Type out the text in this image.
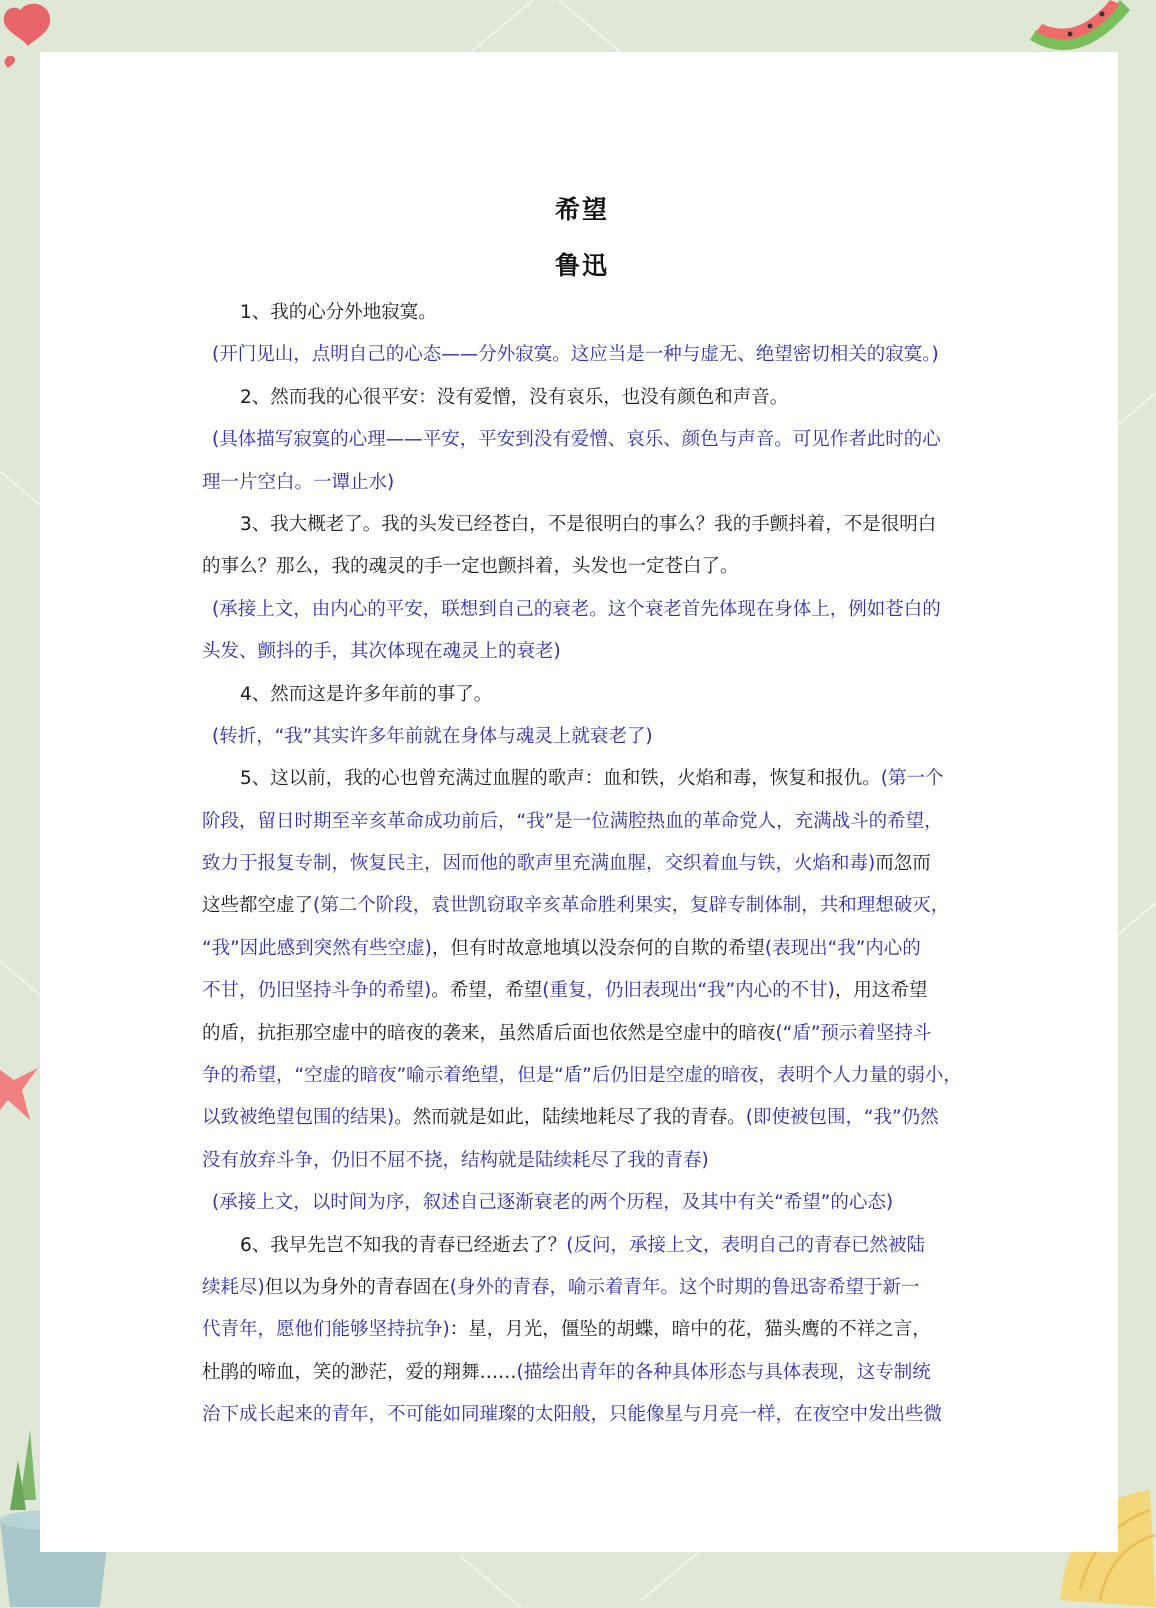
希望
鲁迅
1、我的心分外地寂寞。
(开门见山，点明自己的心态——分外寂寞。这应当是一种与虚无、绝望密切相关的寂寞。)
2、然而我的心很平安：没有爱憎，没有哀乐，也没有颜色和声音。
(具体描写寂寞的心理——平安，平安到没有爱憎、哀乐、颜色与声音。可见作者此时的心
理一片空白。一谭止水)
3、我大概老了。我的头发已经苍白，不是很明白的事么？我的手颤抖着，不是很明白
的事么？那么，我的魂灵的手一定也颤抖着，头发也一定苍白了。
(承接上文，由内心的平安，联想到自己的衰老。这个衰老首先体现在身体上，例如苍白的
头发、颤抖的手，其次体现在魂灵上的衰老)
4、然而这是许多年前的事了。
(转折，“我”其实许多年前就在身体与魂灵上就衰老了)
5、这以前，我的心也曾充满过血腥的歌声：血和铁，火焰和毒，恢复和报仇。(第一个
阶段，留日时期至辛亥革命成功前后，“我”是一位满腔热血的革命党人，充满战斗的希望，
致力于报复专制，恢复民主，因而他的歌声里充满血腥，交织着血与铁，火焰和毒)而忽而
这些都空虚了(第二个阶段，袁世凯窃取辛亥革命胜利果实，复辟专制体制，共和理想破灭，
“我”因此感到突然有些空虚)，但有时故意地填以没奈何的自欺的希望(表现出“我”内心的
不甘，仍旧坚持斗争的希望)。希望，希望(重复，仍旧表现出“我”内心的不甘)，用这希望
的盾，抗拒那空虚中的暗夜的袭来，虽然盾后面也依然是空虚中的暗夜(“盾”预示着坚持斗
争的希望，“空虚的暗夜”喻示着绝望，但是“盾”后仍旧是空虚的暗夜，表明个人力量的弱小，
以致被绝望包围的结果)。然而就是如此，陆续地耗尽了我的青春。(即使被包围，“我”仍然
没有放弃斗争，仍旧不屈不挠，结构就是陆续耗尽了我的青春)
(承接上文，以时间为序，叙述自己逐渐衰老的两个历程，及其中有关“希望”的心态)
6、我早先岂不知我的青春已经逝去了？(反问，承接上文，表明自己的青春已然被陆
续耗尽)但以为身外的青春固在(身外的青春，喻示着青年。这个时期的鲁迅寄希望于新一
代青年，愿他们能够坚持抗争)：星，月光，僵坠的胡蝶，暗中的花，猫头鹰的不祥之言，
杜鹃的啼血，笑的渺茫，爱的翔舞……(描绘出青年的各种具体形态与具体表现，这专制统
治下成长起来的青年，不可能如同璀璨的太阳般，只能像星与月亮一样，在夜空中发出些微
